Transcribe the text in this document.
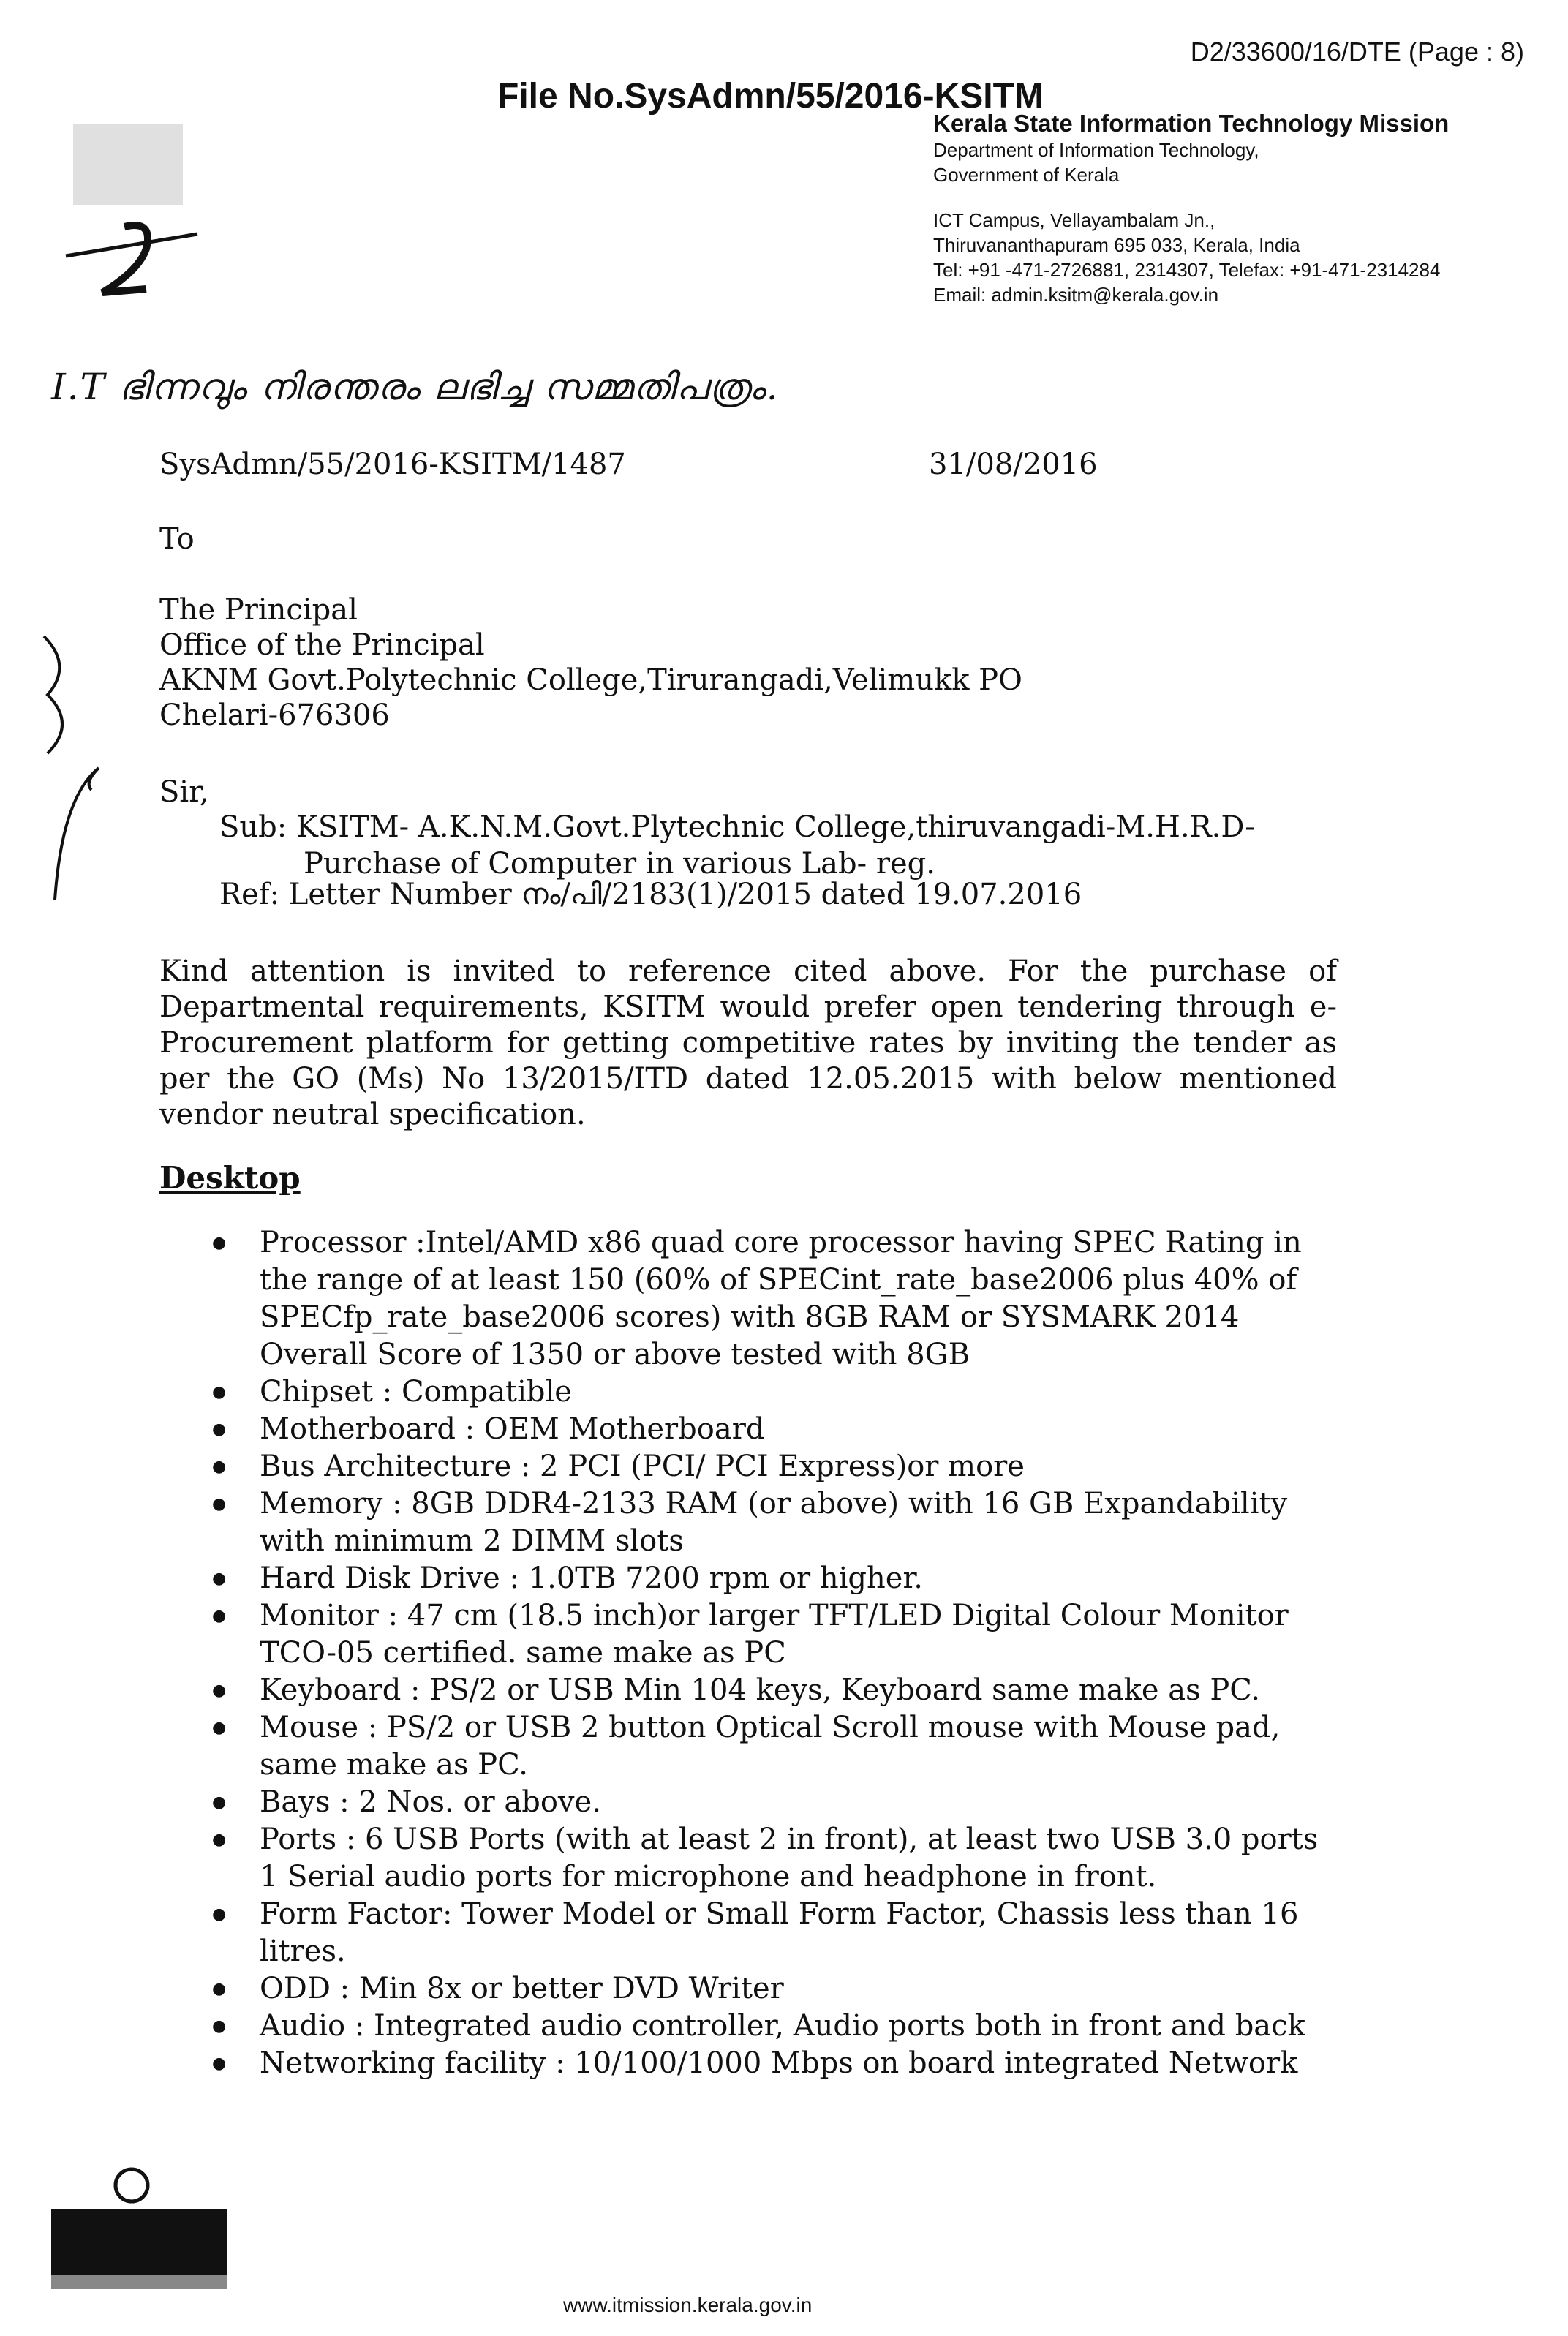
D2/33600/16/DTE (Page : 8)
File No.SysAdmn/55/2016-KSITM
Kerala State Information Technology Mission
Department of Information Technology,
Government of Kerala
ICT Campus, Vellayambalam Jn.,
Thiruvananthapuram 695 033, Kerala, India
Tel: +91 -471-2726881, 2314307, Telefax: +91-471-2314284
Email: admin.ksitm@kerala.gov.in
I.T ഭിന്നവും നിരന്തരം ലഭിച്ച സമ്മതിപത്രം.
SysAdmn/55/2016-KSITM/1487	31/08/2016
To
The Principal
Office of the Principal
AKNM Govt.Polytechnic College,Tirurangadi,Velimukk PO
Chelari-676306
Sir,
Sub: KSITM- A.K.N.M.Govt.Plytechnic College,thiruvangadi-M.H.R.D-
Purchase of Computer in various Lab- reg.
Ref: Letter Number നം/പി/2183(1)/2015 dated 19.07.2016
Kind attention is invited to reference cited above. For the purchase of Departmental requirements, KSITM would prefer open tendering through e-Procurement platform for getting competitive rates by inviting the tender as per the GO (Ms) No 13/2015/ITD dated 12.05.2015 with below mentioned vendor neutral specification.
Desktop
● Processor :Intel/AMD x86 quad core processor having SPEC Rating in the range of at least 150 (60% of SPECint_rate_base2006 plus 40% of SPECfp_rate_base2006 scores) with 8GB RAM or SYSMARK 2014 Overall Score of 1350 or above tested with 8GB
● Chipset : Compatible
● Motherboard : OEM Motherboard
● Bus Architecture : 2 PCI (PCI/ PCI Express)or more
● Memory : 8GB DDR4-2133 RAM (or above) with 16 GB Expandability with minimum 2 DIMM slots
● Hard Disk Drive : 1.0TB 7200 rpm or higher.
● Monitor : 47 cm (18.5 inch)or larger TFT/LED Digital Colour Monitor TCO-05 certified. same make as PC
● Keyboard : PS/2 or USB Min 104 keys, Keyboard same make as PC.
● Mouse : PS/2 or USB 2 button Optical Scroll mouse with Mouse pad, same make as PC.
● Bays : 2 Nos. or above.
● Ports : 6 USB Ports (with at least 2 in front), at least two USB 3.0 ports 1 Serial audio ports for microphone and headphone in front.
● Form Factor: Tower Model or Small Form Factor, Chassis less than 16 litres.
● ODD : Min 8x or better DVD Writer
● Audio : Integrated audio controller, Audio ports both in front and back
● Networking facility : 10/100/1000 Mbps on board integrated Network
www.itmission.kerala.gov.in
